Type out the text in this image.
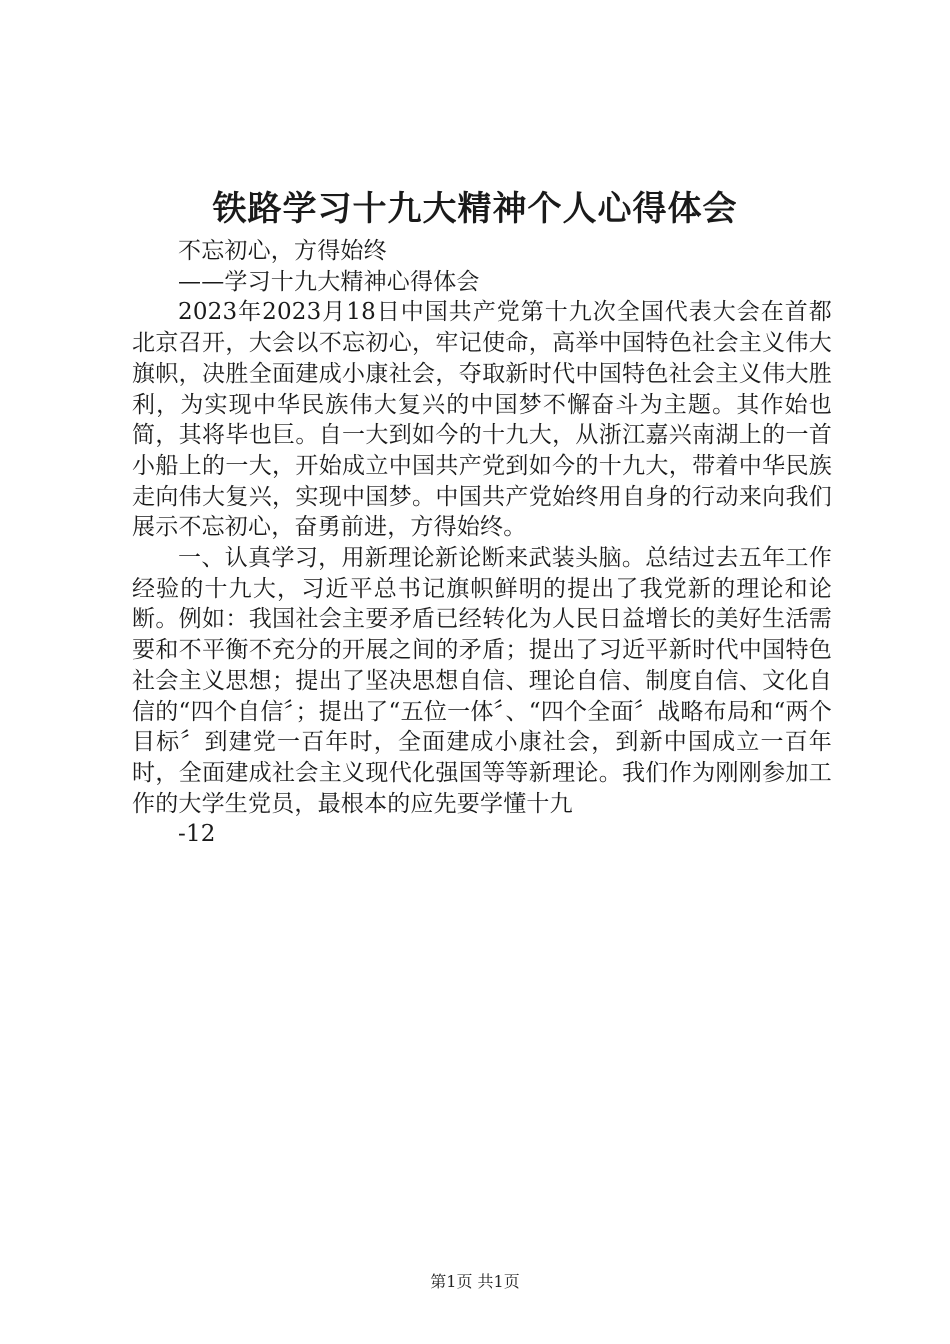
铁路学习十九大精神个人心得体会

不忘初心，方得始终

——学习十九大精神心得体会

2023年2023月18日中国共产党第十九次全国代表大会在首都北京召开，大会以不忘初心，牢记使命，高举中国特色社会主义伟大旗帜，决胜全面建成小康社会，夺取新时代中国特色社会主义伟大胜利，为实现中华民族伟大复兴的中国梦不懈奋斗为主题。其作始也简，其将毕也巨。自一大到如今的十九大，从浙江嘉兴南湖上的一首小船上的一大，开始成立中国共产党到如今的十九大，带着中华民族走向伟大复兴，实现中国梦。中国共产党始终用自身的行动来向我们展示不忘初心，奋勇前进，方得始终。

一、认真学习，用新理论新论断来武装头脑。总结过去五年工作经验的十九大，习近平总书记旗帜鲜明的提出了我党新的理论和论断。例如：我国社会主要矛盾已经转化为人民日益增长的美好生活需要和不平衡不充分的开展之间的矛盾；提出了习近平新时代中国特色社会主义思想；提出了坚决思想自信、理论自信、制度自信、文化自信的“四个自信〞；提出了“五位一体〞、“四个全面〞战略布局和“两个目标〞到建党一百年时，全面建成小康社会，到新中国成立一百年时，全面建成社会主义现代化强国等等新理论。我们作为刚刚参加工作的大学生党员，最根本的应先要学懂十九

-12

第1页 共1页
